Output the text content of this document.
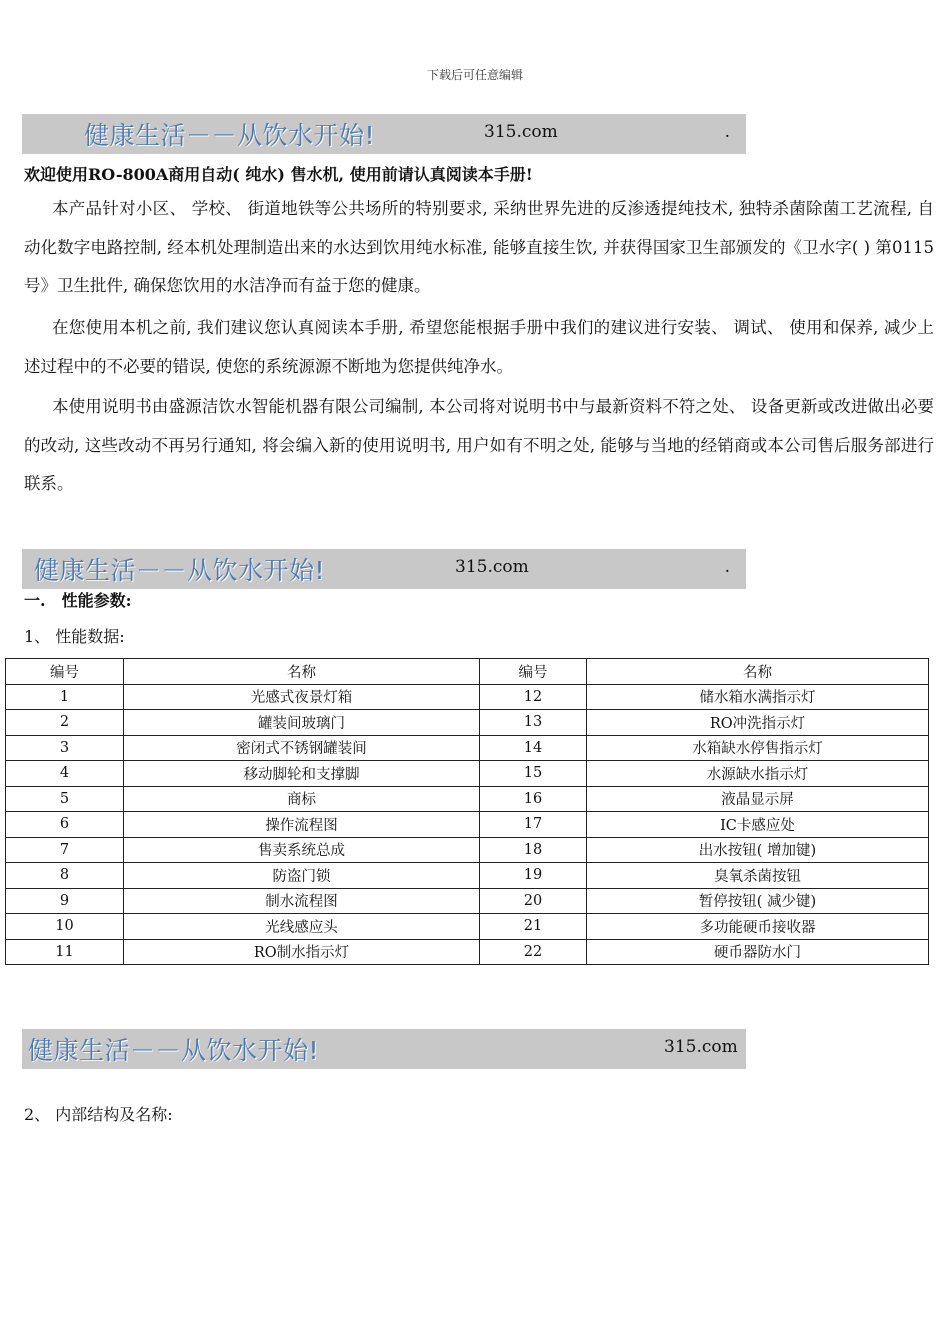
下载后可任意编辑
健康生活－－从饮水开始!	315.com	.
欢迎使用RO-800A商用自动( 纯水) 售水机, 使用前请认真阅读本手册!

本产品针对小区、 学校、 街道地铁等公共场所的特别要求, 采纳世界先进的反渗透提纯技术, 独特杀菌除菌工艺流程, 自动化数字电路控制, 经本机处理制造出来的水达到饮用纯水标准, 能够直接生饮, 并获得国家卫生部颁发的《卫水字( ) 第0115号》卫生批件, 确保您饮用的水洁净而有益于您的健康。

在您使用本机之前, 我们建议您认真阅读本手册, 希望您能根据手册中我们的建议进行安装、 调试、 使用和保养, 减少上述过程中的不必要的错误, 使您的系统源源不断地为您提供纯净水。

本使用说明书由盛源洁饮水智能机器有限公司编制, 本公司将对说明书中与最新资料不符之处、 设备更新或改进做出必要的改动, 这些改动不再另行通知, 将会编入新的使用说明书, 用户如有不明之处, 能够与当地的经销商或本公司售后服务部进行联系。

健康生活－－从饮水开始!	315.com	.
一.　性能参数:
1、 性能数据:
编号	名称	编号	名称
1	光感式夜景灯箱	12	储水箱水满指示灯
2	罐装间玻璃门	13	RO冲洗指示灯
3	密闭式不锈钢罐装间	14	水箱缺水停售指示灯
4	移动脚轮和支撑脚	15	水源缺水指示灯
5	商标	16	液晶显示屏
6	操作流程图	17	IC卡感应处
7	售卖系统总成	18	出水按钮( 增加键)
8	防盗门锁	19	臭氧杀菌按钮
9	制水流程图	20	暂停按钮( 减少键)
10	光线感应头	21	多功能硬币接收器
11	RO制水指示灯	22	硬币器防水门
健康生活－－从饮水开始!	315.com
2、 内部结构及名称:
